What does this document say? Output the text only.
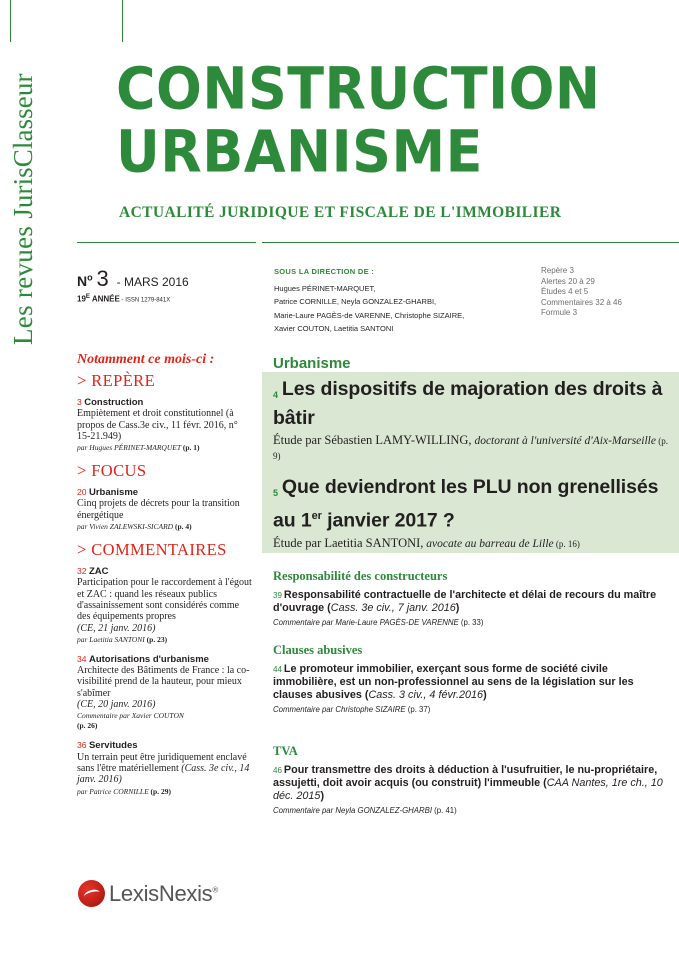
Les revues JurisClasseur CONSTRUCTION
URBANISME
ACTUALITÉ JURIDIQUE ET FISCALE DE L'IMMOBILIER
$N^o$ 3 - MARS 2016
$19^E$ ANNÉE - ISSN 1279-841X
SOUS LA DIRECTION DE :
Hugues PÉRINET-MARQUET,
Patrice CORNILLE, Neyla GONZALEZ-GHARBI,
Marie-Laure PAGÈS-de VARENNE, Christophe SIZAIRE,
Xavier COUTON, Laetitia SANTONI
Repère 3
Alertes 20 à 29
Études 4 et 5
Commentaires 32 à 46
Formule 3
Notamment ce mois-ci :
> REPÈRE
3 Construction
Empiètement et droit constitutionnel (à propos de Cass.3e civ., 11 févr. 2016, n° 15-21.949)
par Hugues PÉRINET-MARQUET (p. 1)
> FOCUS
20 Urbanisme
Cinq projets de décrets pour la transition énergétique
par Vivien ZALEWSKI-SICARD (p. 4)
> COMMENTAIRES
32 ZAC
Participation pour le raccordement à l'égout et ZAC : quand les réseaux publics d'assainissement sont considérés comme des équipements propres
(CE, 21 janv. 2016)
par Laetitia SANTONI (p. 23)
34 Autorisations d'urbanisme
Architecte des Bâtiments de France : la co-visibilité prend de la hauteur, pour mieux s'abîmer
(CE, 20 janv. 2016)
Commentaire par Xavier COUTON
(p. 26)
36 Servitudes
Un terrain peut être juridiquement enclavé sans l'être matériellement (Cass. 3e civ., 14 janv. 2016)
par Patrice CORNILLE (p. 29)
Urbanisme
4 Les dispositifs de majoration des droits à bâtir
Étude par Sébastien LAMY-WILLING, doctorant à l'université d'Aix-Marseille (p. 9)
5 Que deviendront les PLU non grenellisés au 1er janvier 2017 ?
Étude par Laetitia SANTONI, avocate au barreau de Lille (p. 16)
Responsabilité des constructeurs
39 Responsabilité contractuelle de l'architecte et délai de recours du maître d'ouvrage (Cass. 3e civ., 7 janv. 2016)
Commentaire par Marie-Laure PAGÈS-DE VARENNE (p. 33)
Clauses abusives
44 Le promoteur immobilier, exerçant sous forme de société civile immobilière, est un non-professionnel au sens de la législation sur les clauses abusives (Cass. 3 civ., 4 févr.2016)
Commentaire par Christophe SIZAIRE (p. 37)
TVA
46 Pour transmettre des droits à déduction à l'usufruitier, le nu-propriétaire, assujetti, doit avoir acquis (ou construit) l'immeuble (CAA Nantes, 1re ch., 10 déc. 2015)
Commentaire par Neyla GONZALEZ-GHARBI (p. 41)
LexisNexis®
